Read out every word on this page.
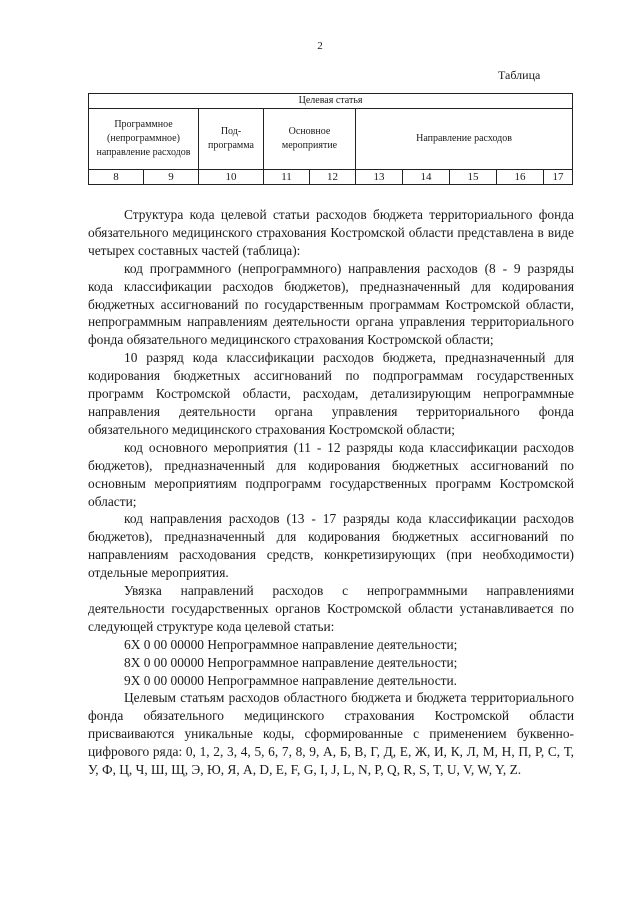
2
Таблица
Целевая статья									
Программное (непрограммное) направление расходов		Под-программа	Основное мероприятие		Направление расходов				
8	9	10	11	12	13	14	15	16	17

Структура кода целевой статьи расходов бюджета территориального фонда обязательного медицинского страхования Костромской области представлена в виде четырех составных частей (таблица):

код программного (непрограммного) направления расходов (8 - 9 разряды кода классификации расходов бюджетов), предназначенный для кодирования бюджетных ассигнований по государственным программам Костромской области, непрограммным направлениям деятельности органа управления территориального фонда обязательного медицинского страхования Костромской области;

10 разряд кода классификации расходов бюджета, предназначенный для кодирования бюджетных ассигнований по подпрограммам государственных программ Костромской области, расходам, детализирующим непрограммные направления деятельности органа управления территориального фонда обязательного медицинского страхования Костромской области;

код основного мероприятия (11 - 12 разряды кода классификации расходов бюджетов), предназначенный для кодирования бюджетных ассигнований по основным мероприятиям подпрограмм государственных программ Костромской области;

код направления расходов (13 - 17 разряды кода классификации расходов бюджетов), предназначенный для кодирования бюджетных ассигнований по направлениям расходования средств, конкретизирующих (при необходимости) отдельные мероприятия.

Увязка направлений расходов с непрограммными направлениями деятельности государственных органов Костромской области устанавливается по следующей структуре кода целевой статьи:

6Х 0 00 00000 Непрограммное направление деятельности;

8Х 0 00 00000 Непрограммное направление деятельности;

9Х 0 00 00000 Непрограммное направление деятельности.

Целевым статьям расходов областного бюджета и бюджета территориального фонда обязательного медицинского страхования Костромской области присваиваются уникальные коды, сформированные с применением буквенно-цифрового ряда: 0, 1, 2, 3, 4, 5, 6, 7, 8, 9, А, Б, В, Г, Д, Е, Ж, И, К, Л, М, Н, П, Р, С, Т, У, Ф, Ц, Ч, Ш, Щ, Э, Ю, Я, A, D, E, F, G, I, J, L, N, P, Q, R, S, T, U, V, W, Y, Z.
